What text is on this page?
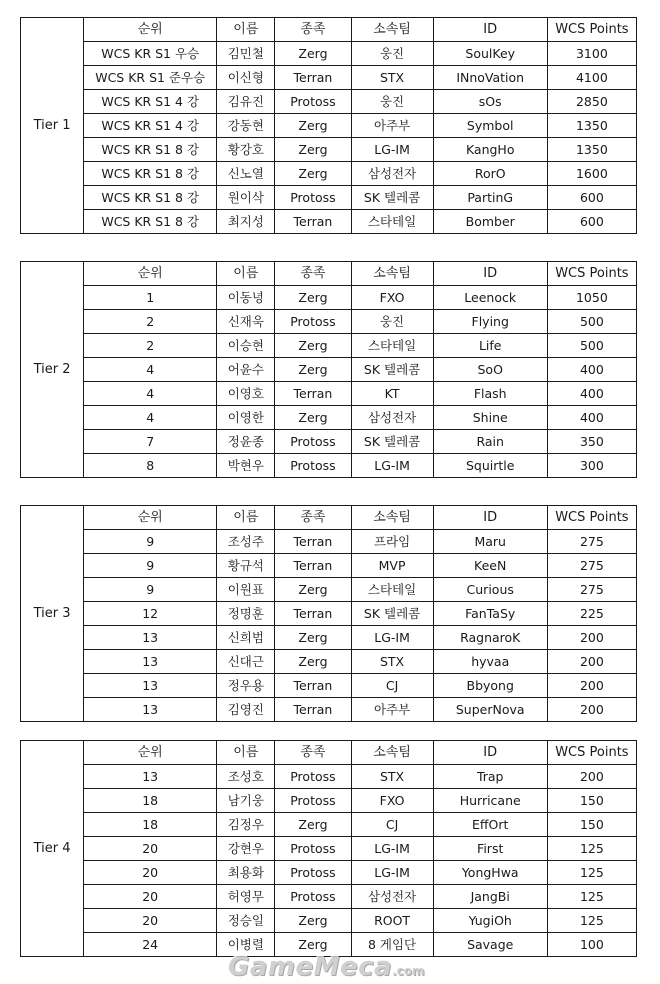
Tier 1	순위	이름	종족	소속팀	ID	WCS Points
	WCS KR S1 우승	김민철	Zerg	웅진	SoulKey	3100
	WCS KR S1 준우승	이신형	Terran	STX	INnoVation	4100
	WCS KR S1 4 강	김유진	Protoss	웅진	sOs	2850
	WCS KR S1 4 강	강동현	Zerg	아주부	Symbol	1350
	WCS KR S1 8 강	황강호	Zerg	LG-IM	KangHo	1350
	WCS KR S1 8 강	신노열	Zerg	삼성전자	RorO	1600
	WCS KR S1 8 강	원이삭	Protoss	SK 텔레콤	PartinG	600
	WCS KR S1 8 강	최지성	Terran	스타테일	Bomber	600
Tier 2	순위	이름	종족	소속팀	ID	WCS Points
	1	이동녕	Zerg	FXO	Leenock	1050
	2	신재욱	Protoss	웅진	Flying	500
	2	이승현	Zerg	스타테일	Life	500
	4	어윤수	Zerg	SK 텔레콤	SoO	400
	4	이영호	Terran	KT	Flash	400
	4	이영한	Zerg	삼성전자	Shine	400
	7	정윤종	Protoss	SK 텔레콤	Rain	350
	8	박현우	Protoss	LG-IM	Squirtle	300
Tier 3	순위	이름	종족	소속팀	ID	WCS Points
	9	조성주	Terran	프라임	Maru	275
	9	황규석	Terran	MVP	KeeN	275
	9	이원표	Zerg	스타테일	Curious	275
	12	정명훈	Terran	SK 텔레콤	FanTaSy	225
	13	신희범	Zerg	LG-IM	RagnaroK	200
	13	신대근	Zerg	STX	hyvaa	200
	13	정우용	Terran	CJ	Bbyong	200
	13	김영진	Terran	아주부	SuperNova	200
Tier 4	순위	이름	종족	소속팀	ID	WCS Points
	13	조성호	Protoss	STX	Trap	200
	18	남기웅	Protoss	FXO	Hurricane	150
	18	김정우	Zerg	CJ	EffOrt	150
	20	강현우	Protoss	LG-IM	First	125
	20	최용화	Protoss	LG-IM	YongHwa	125
	20	허영무	Protoss	삼성전자	JangBi	125
	20	정승일	Zerg	ROOT	YugiOh	125
	24	이병렬	Zerg	8 게임단	Savage	100
GameMeca.com
